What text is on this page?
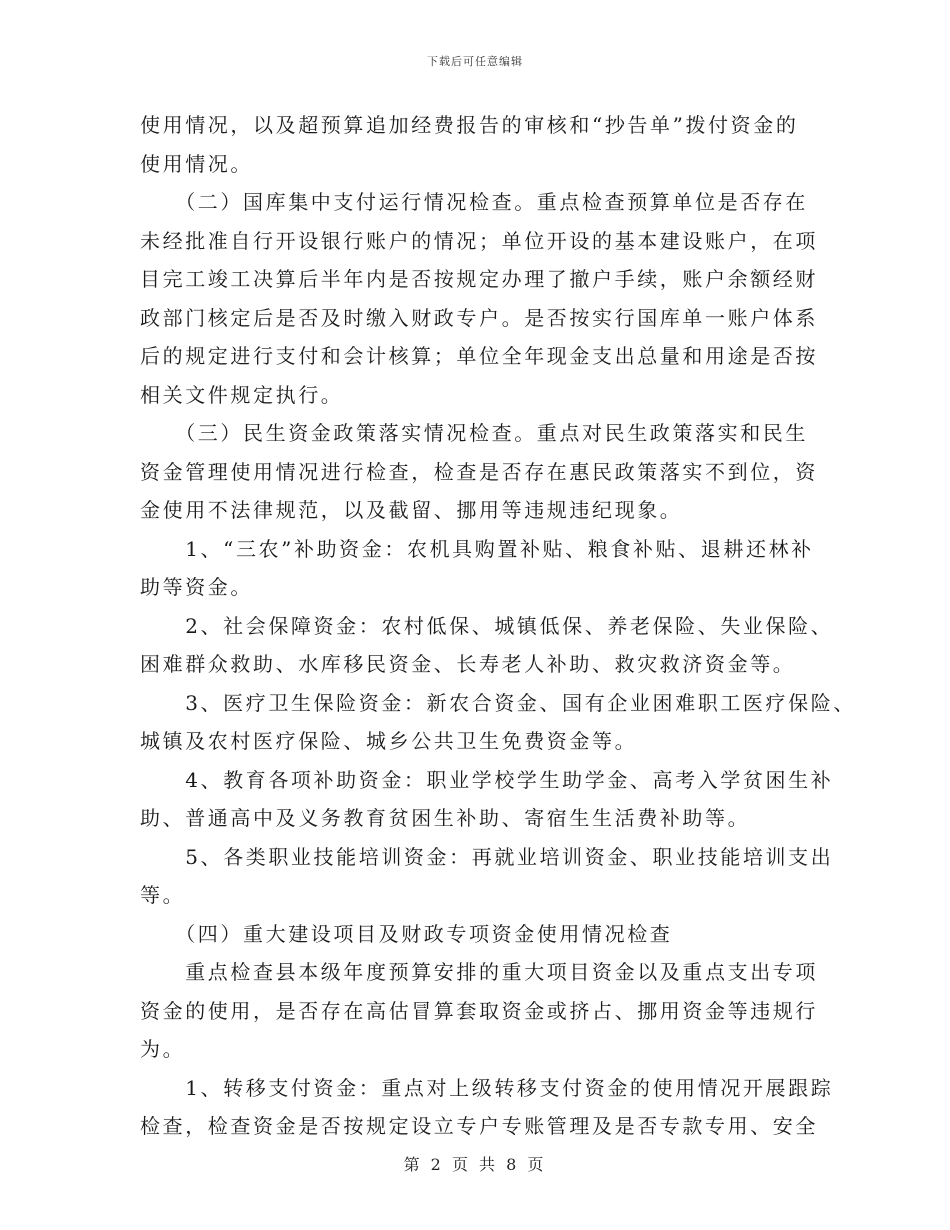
下载后可任意编辑
使用情况，以及超预算追加经费报告的审核和“抄告单”拨付资金的
使用情况。
　　（二）国库集中支付运行情况检查。重点检查预算单位是否存在
未经批准自行开设银行账户的情况；单位开设的基本建设账户，在项
目完工竣工决算后半年内是否按规定办理了撤户手续，账户余额经财
政部门核定后是否及时缴入财政专户。是否按实行国库单一账户体系
后的规定进行支付和会计核算；单位全年现金支出总量和用途是否按
相关文件规定执行。
　　（三）民生资金政策落实情况检查。重点对民生政策落实和民生
资金管理使用情况进行检查，检查是否存在惠民政策落实不到位，资
金使用不法律规范，以及截留、挪用等违规违纪现象。
　　1、“三农”补助资金：农机具购置补贴、粮食补贴、退耕还林补
助等资金。
　　2、社会保障资金：农村低保、城镇低保、养老保险、失业保险、
困难群众救助、水库移民资金、长寿老人补助、救灾救济资金等。
　　3、医疗卫生保险资金：新农合资金、国有企业困难职工医疗保险、
城镇及农村医疗保险、城乡公共卫生免费资金等。
　　4、教育各项补助资金：职业学校学生助学金、高考入学贫困生补
助、普通高中及义务教育贫困生补助、寄宿生生活费补助等。
　　5、各类职业技能培训资金：再就业培训资金、职业技能培训支出
等。
　　（四）重大建设项目及财政专项资金使用情况检查
　　重点检查县本级年度预算安排的重大项目资金以及重点支出专项
资金的使用，是否存在高估冒算套取资金或挤占、挪用资金等违规行
为。
　　1、转移支付资金：重点对上级转移支付资金的使用情况开展跟踪
检查，检查资金是否按规定设立专户专账管理及是否专款专用、安全
第 2 页 共 8 页
